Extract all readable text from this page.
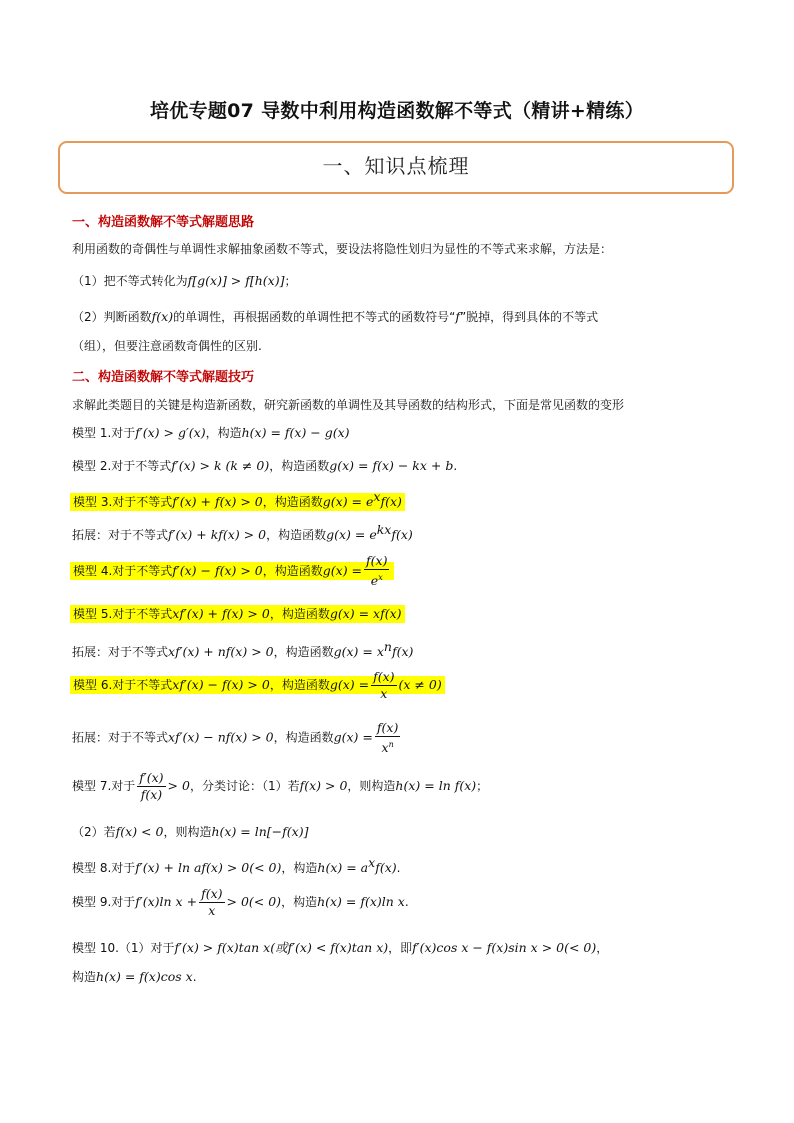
培优专题07 导数中利用构造函数解不等式（精讲+精练）
一、知识点梳理
一、构造函数解不等式解题思路
利用函数的奇偶性与单调性求解抽象函数不等式，要设法将隐性划归为显性的不等式来求解，方法是：
（1）把不等式转化为f[g(x)] > f[h(x)]；
（2）判断函数f(x)的单调性，再根据函数的单调性把不等式的函数符号“f”脱掉，得到具体的不等式
（组），但要注意函数奇偶性的区别.
二、构造函数解不等式解题技巧
求解此类题目的关键是构造新函数，研究新函数的单调性及其导函数的结构形式，下面是常见函数的变形
模型 1.对于f′(x) > g′(x)，构造h(x) = f(x) − g(x)
模型 2.对于不等式f′(x) > k (k ≠ 0)，构造函数g(x) = f(x) − kx + b.
模型 3.对于不等式f′(x) + f(x) > 0，构造函数$g(x) = e^xf(x)$
拓展：对于不等式f′(x) + kf(x) > 0，构造函数$g(x) = e^{kx}f(x)$
模型 4.对于不等式f′(x) − f(x) > 0，构造函数$g(x) = \frac{f(x)}{e^x}$
模型 5.对于不等式xf′(x) + f(x) > 0，构造函数g(x) = xf(x)
拓展：对于不等式xf′(x) + nf(x) > 0，构造函数$g(x) = x^nf(x)$
模型 6.对于不等式xf′(x) − f(x) > 0，构造函数$g(x) = \frac{f(x)}{x} (x \ne 0)$
拓展：对于不等式xf′(x) − nf(x) > 0，构造函数$g(x) = \frac{f(x)}{x^n}$
模型 7.对于 $\frac{f'(x)}{f(x)} > 0$，分类讨论：（1）若f(x) > 0，则构造h(x) = ln f(x)；
（2）若f(x) < 0，则构造h(x) = ln[−f(x)]
模型 8.对于f′(x) + ln af(x) > 0(< 0)，构造$h(x) = a^xf(x)$.
模型 9.对于f′(x)ln $x + \frac{f(x)}{x} > 0(< 0)$，构造h(x) = f(x)ln x.
模型 10.（1）对于f′(x) > f(x)tan x(或f′(x) < f(x)tan x)，即f′(x)cos x − f(x)sin x > 0(< 0)，
构造h(x) = f(x)cos x.
